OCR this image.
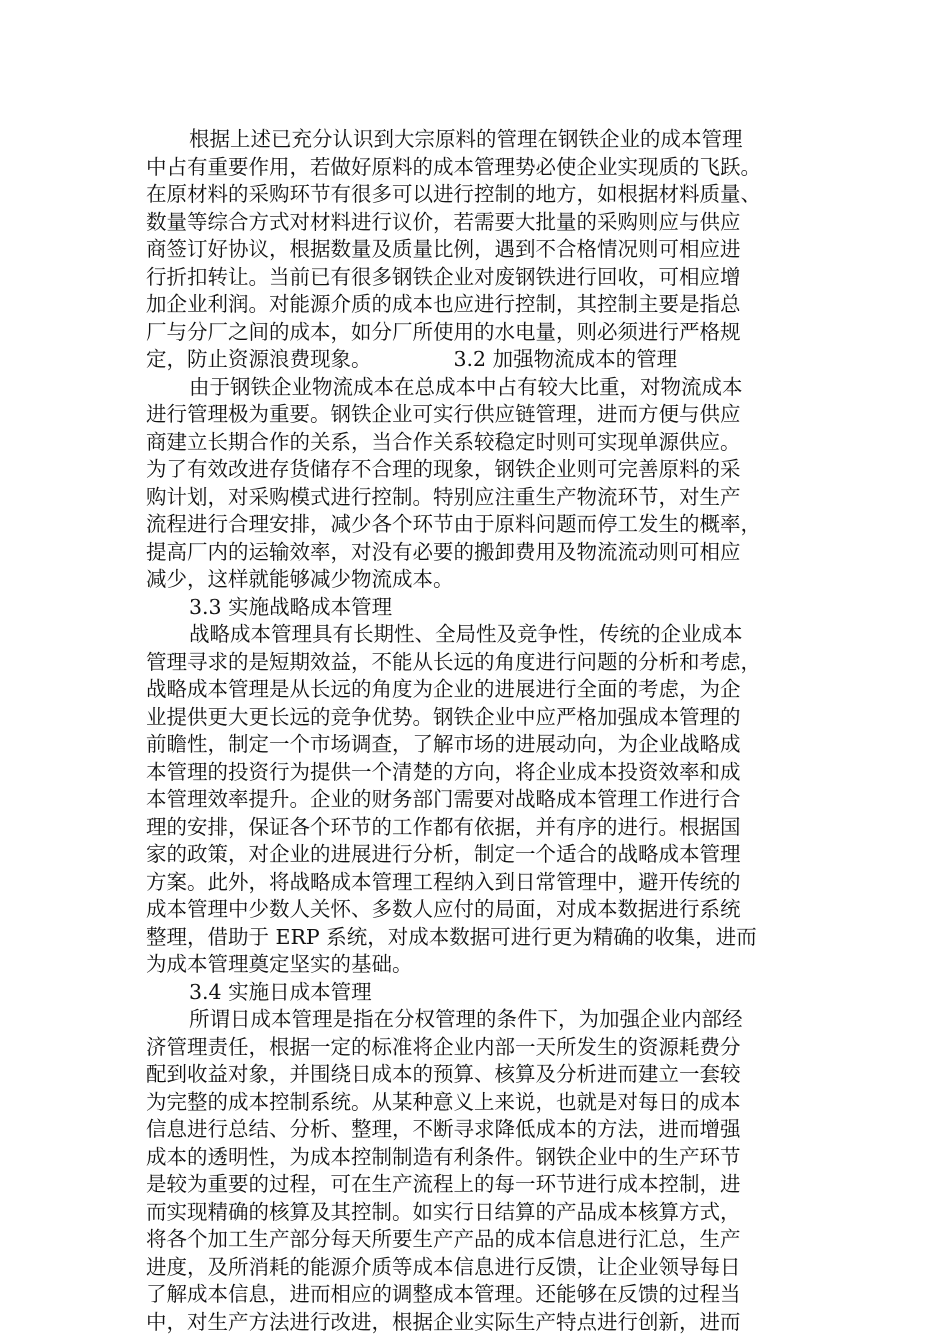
根据上述已充分认识到大宗原料的管理在钢铁企业的成本管理
中占有重要作用，若做好原料的成本管理势必使企业实现质的飞跃。
在原材料的采购环节有很多可以进行控制的地方，如根据材料质量、
数量等综合方式对材料进行议价，若需要大批量的采购则应与供应
商签订好协议，根据数量及质量比例，遇到不合格情况则可相应进
行折扣转让。当前已有很多钢铁企业对废钢铁进行回收，可相应增
加企业利润。对能源介质的成本也应进行控制，其控制主要是指总
厂与分厂之间的成本，如分厂所使用的水电量，则必须进行严格规
定，防止资源浪费现象。	3.2 加强物流成本的管理
由于钢铁企业物流成本在总成本中占有较大比重，对物流成本
进行管理极为重要。钢铁企业可实行供应链管理，进而方便与供应
商建立长期合作的关系，当合作关系较稳定时则可实现单源供应。
为了有效改进存货储存不合理的现象，钢铁企业则可完善原料的采
购计划，对采购模式进行控制。特别应注重生产物流环节，对生产
流程进行合理安排，减少各个环节由于原料问题而停工发生的概率，
提高厂内的运输效率，对没有必要的搬卸费用及物流流动则可相应
减少，这样就能够减少物流成本。
3.3 实施战略成本管理
战略成本管理具有长期性、全局性及竞争性，传统的企业成本
管理寻求的是短期效益，不能从长远的角度进行问题的分析和考虑，
战略成本管理是从长远的角度为企业的进展进行全面的考虑，为企
业提供更大更长远的竞争优势。钢铁企业中应严格加强成本管理的
前瞻性，制定一个市场调查，了解市场的进展动向，为企业战略成
本管理的投资行为提供一个清楚的方向，将企业成本投资效率和成
本管理效率提升。企业的财务部门需要对战略成本管理工作进行合
理的安排，保证各个环节的工作都有依据，并有序的进行。根据国
家的政策，对企业的进展进行分析，制定一个适合的战略成本管理
方案。此外，将战略成本管理工程纳入到日常管理中，避开传统的
成本管理中少数人关怀、多数人应付的局面，对成本数据进行系统
整理，借助于 ERP 系统，对成本数据可进行更为精确的收集，进而
为成本管理奠定坚实的基础。
3.4 实施日成本管理
所谓日成本管理是指在分权管理的条件下，为加强企业内部经
济管理责任，根据一定的标准将企业内部一天所发生的资源耗费分
配到收益对象，并围绕日成本的预算、核算及分析进而建立一套较
为完整的成本控制系统。从某种意义上来说，也就是对每日的成本
信息进行总结、分析、整理，不断寻求降低成本的方法，进而增强
成本的透明性，为成本控制制造有利条件。钢铁企业中的生产环节
是较为重要的过程，可在生产流程上的每一环节进行成本控制，进
而实现精确的核算及其控制。如实行日结算的产品成本核算方式，
将各个加工生产部分每天所要生产产品的成本信息进行汇总，生产
进度，及所消耗的能源介质等成本信息进行反馈，让企业领导每日
了解成本信息，进而相应的调整成本管理。还能够在反馈的过程当
中，对生产方法进行改进，根据企业实际生产特点进行创新，进而
